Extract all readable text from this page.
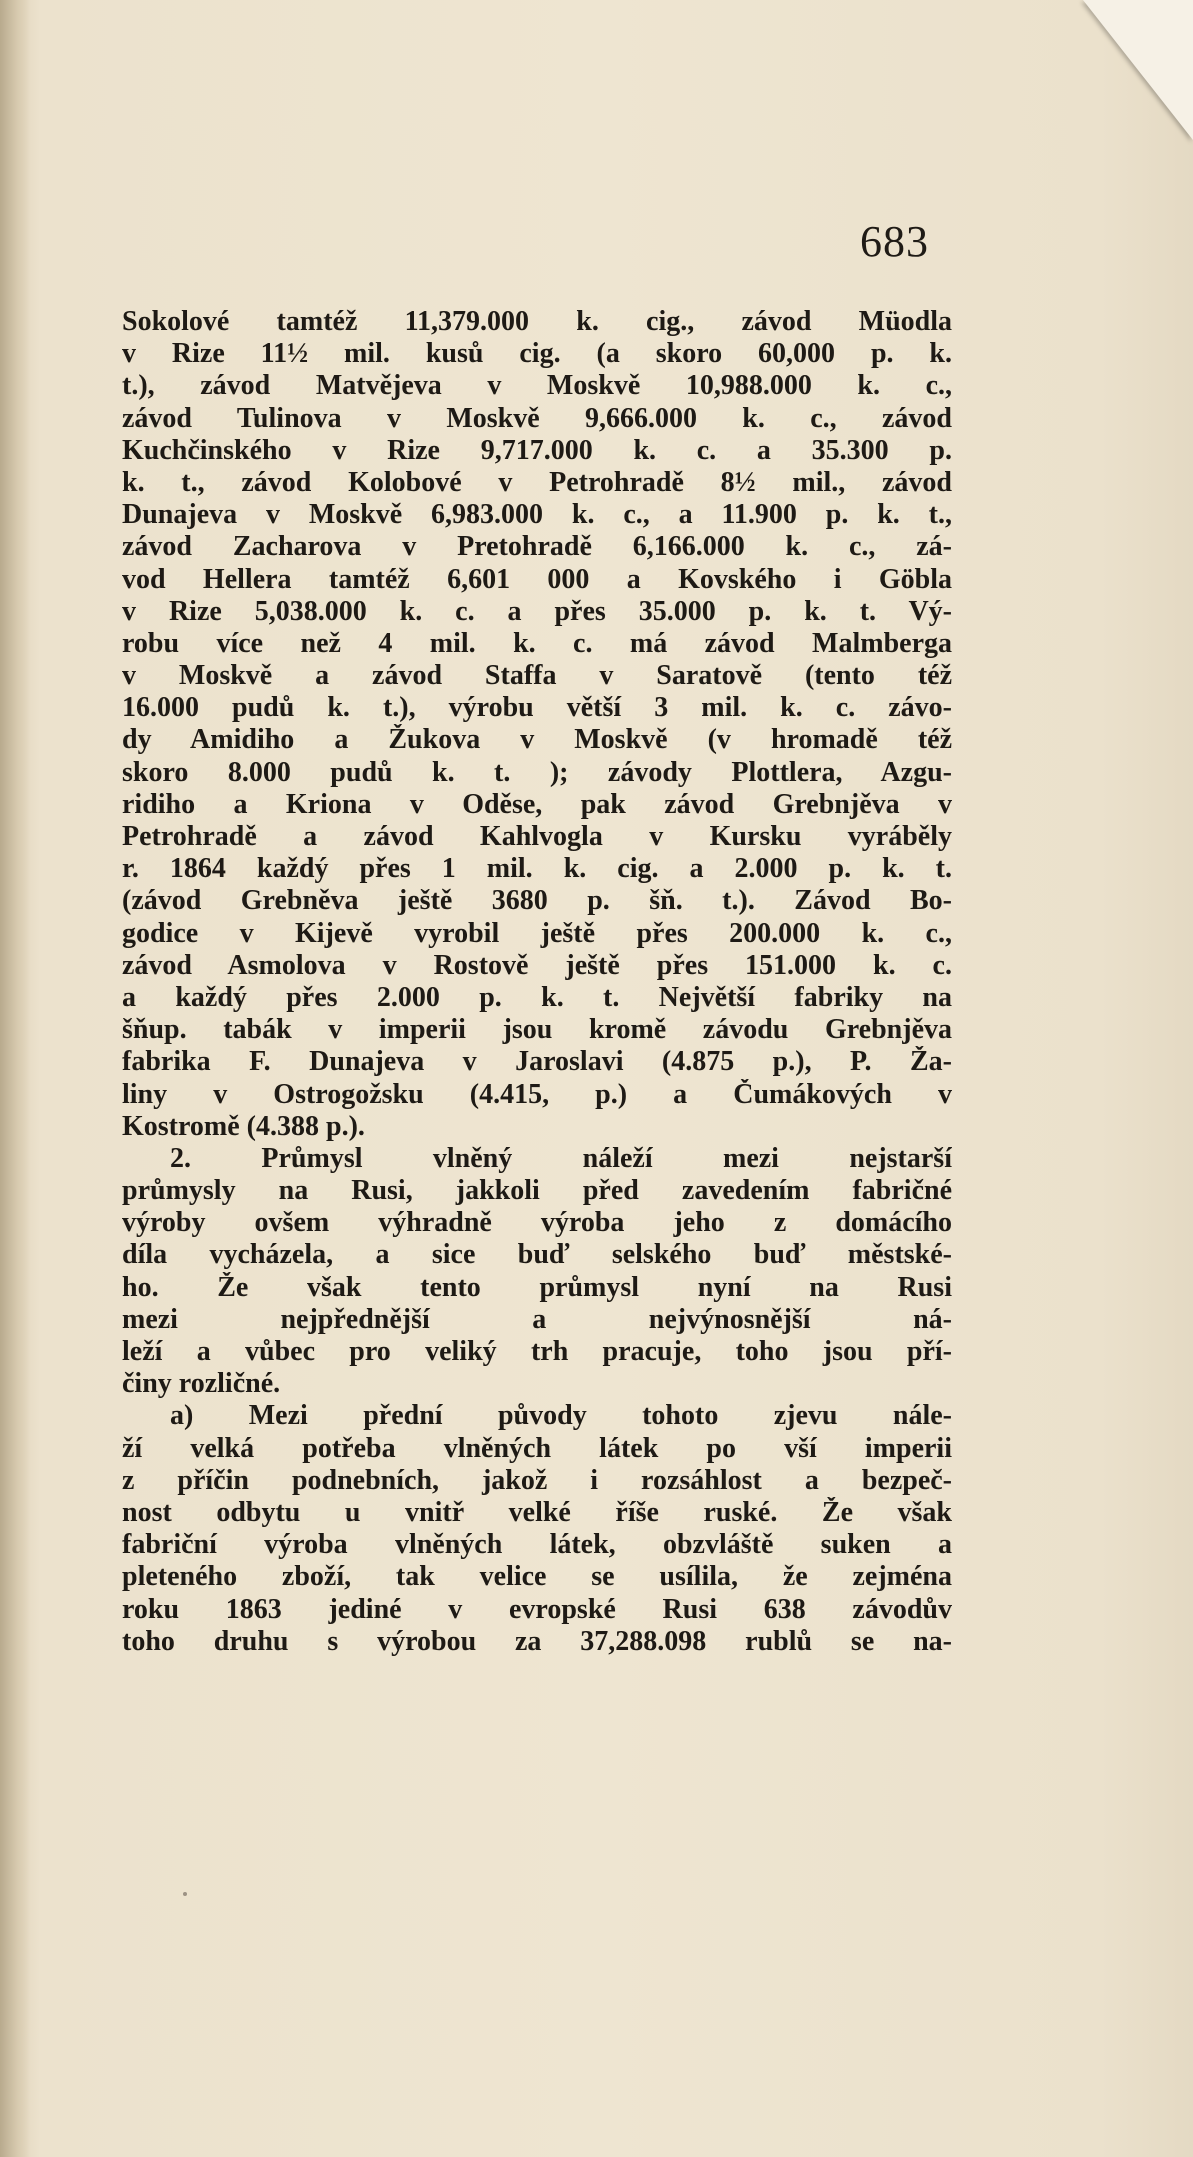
683
Sokolové tamtéž 11,379.000 k. cig., závod Müodla
v Rize 11½ mil. kusů cig. (a skoro 60,000 p. k.
t.), závod Matvějeva v Moskvě 10,988.000 k. c.,
závod Tulinova v Moskvě 9,666.000 k. c., závod
Kuchčinského v Rize 9,717.000 k. c. a 35.300 p.
k. t., závod Kolobové v Petrohradě 8½ mil., závod
Dunajeva v Moskvě 6,983.000 k. c., a 11.900 p. k. t.,
závod Zacharova v Pretohradě 6,166.000 k. c., zá-
vod Hellera tamtéž 6,601 000 a Kovského i Göbla
v Rize 5,038.000 k. c. a přes 35.000 p. k. t. Vý-
robu více než 4 mil. k. c. má závod Malmberga
v Moskvě a závod Staffa v Saratově (tento též
16.000 pudů k. t.), výrobu větší 3 mil. k. c. závo-
dy Amidiho a Žukova v Moskvě (v hromadě též
skoro 8.000 pudů k. t. ); závody Plottlera, Azgu-
ridiho a Kriona v Oděse, pak závod Grebnjěva v
Petrohradě a závod Kahlvogla v Kursku vyráběly
r. 1864 každý přes 1 mil. k. cig. a 2.000 p. k. t.
(závod Grebněva ještě 3680 p. šň. t.). Závod Bo-
godice v Kijevě vyrobil ještě přes 200.000 k. c.,
závod Asmolova v Rostově ještě přes 151.000 k. c.
a každý přes 2.000 p. k. t. Největší fabriky na
šňup. tabák v imperii jsou kromě závodu Grebnjěva
fabrika F. Dunajeva v Jaroslavi (4.875 p.), P. Ža-
liny v Ostrogožsku (4.415, p.) a Čumákových v
Kostromě (4.388 p.).
2. Průmysl vlněný náleží mezi nejstarší
průmysly na Rusi, jakkoli před zavedením fabričné
výroby ovšem výhradně výroba jeho z domácího
díla vycházela, a sice buď selského buď městské-
ho. Že však tento průmysl nyní na Rusi
mezi nejpřednější a nejvýnosnější ná-
leží a vůbec pro veliký trh pracuje, toho jsou pří-
činy rozličné.
a) Mezi přední původy tohoto zjevu nále-
ží velká potřeba vlněných látek po vší imperii
z příčin podnebních, jakož i rozsáhlost a bezpeč-
nost odbytu u vnitř velké říše ruské. Že však
fabriční výroba vlněných látek, obzvláště suken a
pleteného zboží, tak velice se usílila, že zejména
roku 1863 jediné v evropské Rusi 638 závodův
toho druhu s výrobou za 37,288.098 rublů se na-
